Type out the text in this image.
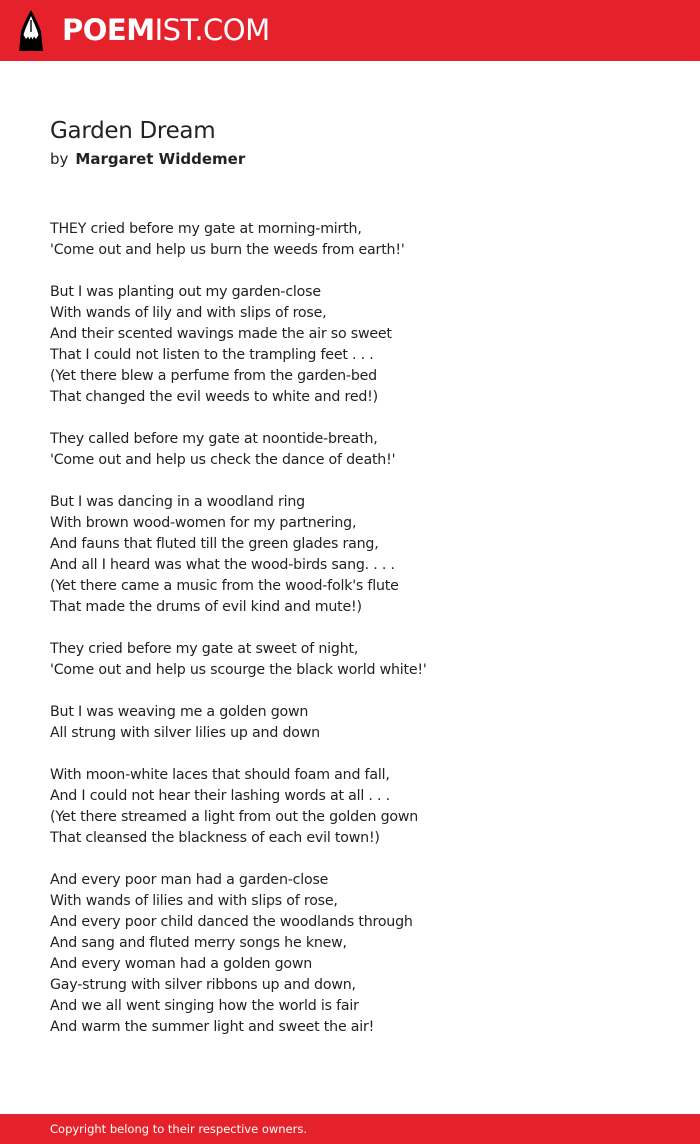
POEMIST.COM
Garden Dream
by Margaret Widdemer
THEY cried before my gate at morning-mirth,
'Come out and help us burn the weeds from earth!'
But I was planting out my garden-close
With wands of lily and with slips of rose,
And their scented wavings made the air so sweet
That I could not listen to the trampling feet . . .
(Yet there blew a perfume from the garden-bed
That changed the evil weeds to white and red!)
They called before my gate at noontide-breath,
'Come out and help us check the dance of death!'
But I was dancing in a woodland ring
With brown wood-women for my partnering,
And fauns that fluted till the green glades rang,
And all I heard was what the wood-birds sang. . . .
(Yet there came a music from the wood-folk's flute
That made the drums of evil kind and mute!)
They cried before my gate at sweet of night,
'Come out and help us scourge the black world white!'
But I was weaving me a golden gown
All strung with silver lilies up and down
With moon-white laces that should foam and fall,
And I could not hear their lashing words at all . . .
(Yet there streamed a light from out the golden gown
That cleansed the blackness of each evil town!)
And every poor man had a garden-close
With wands of lilies and with slips of rose,
And every poor child danced the woodlands through
And sang and fluted merry songs he knew,
And every woman had a golden gown
Gay-strung with silver ribbons up and down,
And we all went singing how the world is fair
And warm the summer light and sweet the air!
Copyright belong to their respective owners.
